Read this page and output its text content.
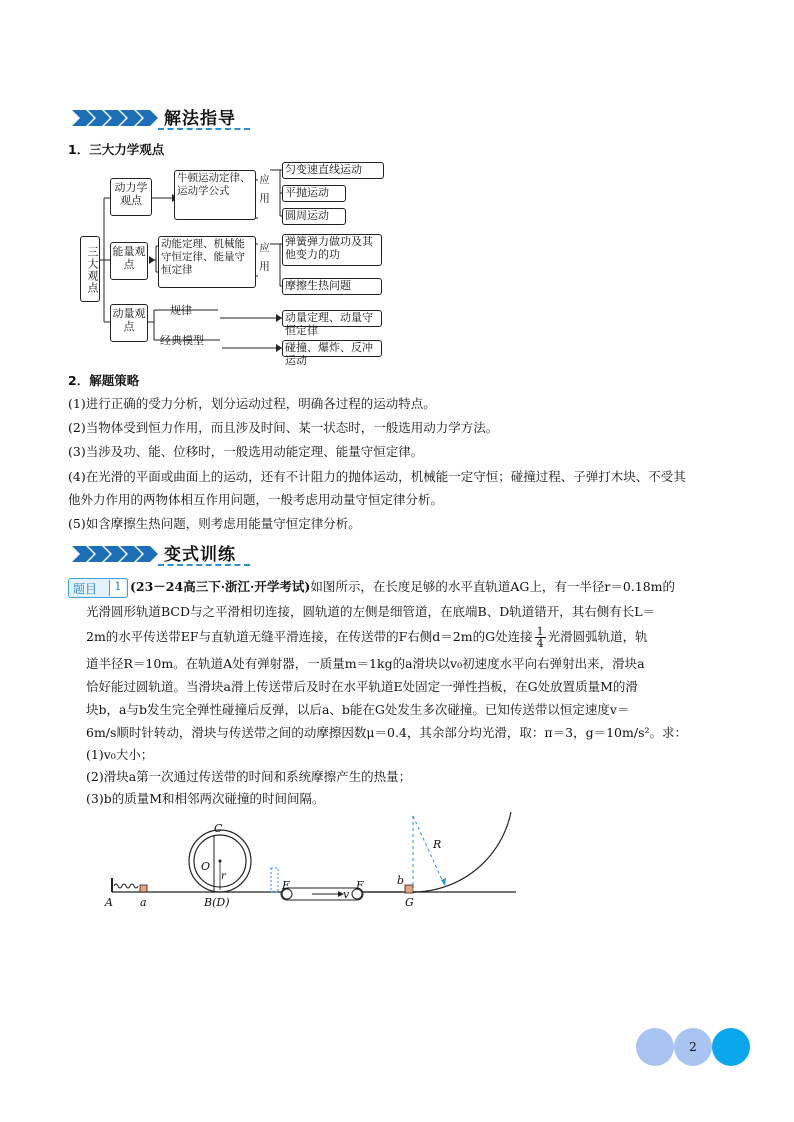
解法指导
1．三大力学观点
三大观点
动力学观点
牛顿运动定律、运动学公式	应用
匀变速直线运动
平抛运动
圆周运动
能量观点
动能定理、机械能守恒定律、能量守恒定律	应用
弹簧弹力做功及其他变力的功
摩擦生热问题
动量观点
规律
经典模型
动量定理、动量守恒定律
碰撞、爆炸、反冲运动
2．解题策略
(1)进行正确的受力分析，划分运动过程，明确各过程的运动特点。
(2)当物体受到恒力作用，而且涉及时间、某一状态时，一般选用动力学方法。
(3)当涉及功、能、位移时，一般选用动能定理、能量守恒定律。
(4)在光滑的平面或曲面上的运动，还有不计阻力的抛体运动，机械能一定守恒；碰撞过程、子弹打木块、不受其
他外力作用的两物体相互作用问题，一般考虑用动量守恒定律分析。
(5)如含摩擦生热问题，则考虑用能量守恒定律分析。
变式训练
题目	1 (23－24高三下·浙江·开学考试)如图所示，在长度足够的水平直轨道AG上，有一半径r＝0.18m的
光滑圆形轨道BCD与之平滑相切连接，圆轨道的左侧是细管道，在底端B、D轨道错开，其右侧有长L＝
2m的水平传送带EF与直轨道无缝平滑连接，在传送带的F右侧d＝2m的G处连接 $\frac{1}{4}$ 光滑圆弧轨道，轨
道半径R＝10m。在轨道A处有弹射器，一质量m＝1kg的a滑块以v₀初速度水平向右弹射出来，滑块a
恰好能过圆轨道。当滑块a滑上传送带后及时在水平轨道E处固定一弹性挡板，在G处放置质量M的滑
块b，a与b发生完全弹性碰撞后反弹，以后a、b能在G处发生多次碰撞。已知传送带以恒定速度v＝
6m/s顺时针转动，滑块与传送带之间的动摩擦因数μ＝0.4，其余部分均光滑，取：π＝3，g＝10m/s²。求：
(1)v₀大小；
(2)滑块a第一次通过传送带的时间和系统摩擦产生的热量；
(3)b的质量M和相邻两次碰撞的时间间隔。
C
O
r
A a	B(D)
E
v
F	b
G
R
2
